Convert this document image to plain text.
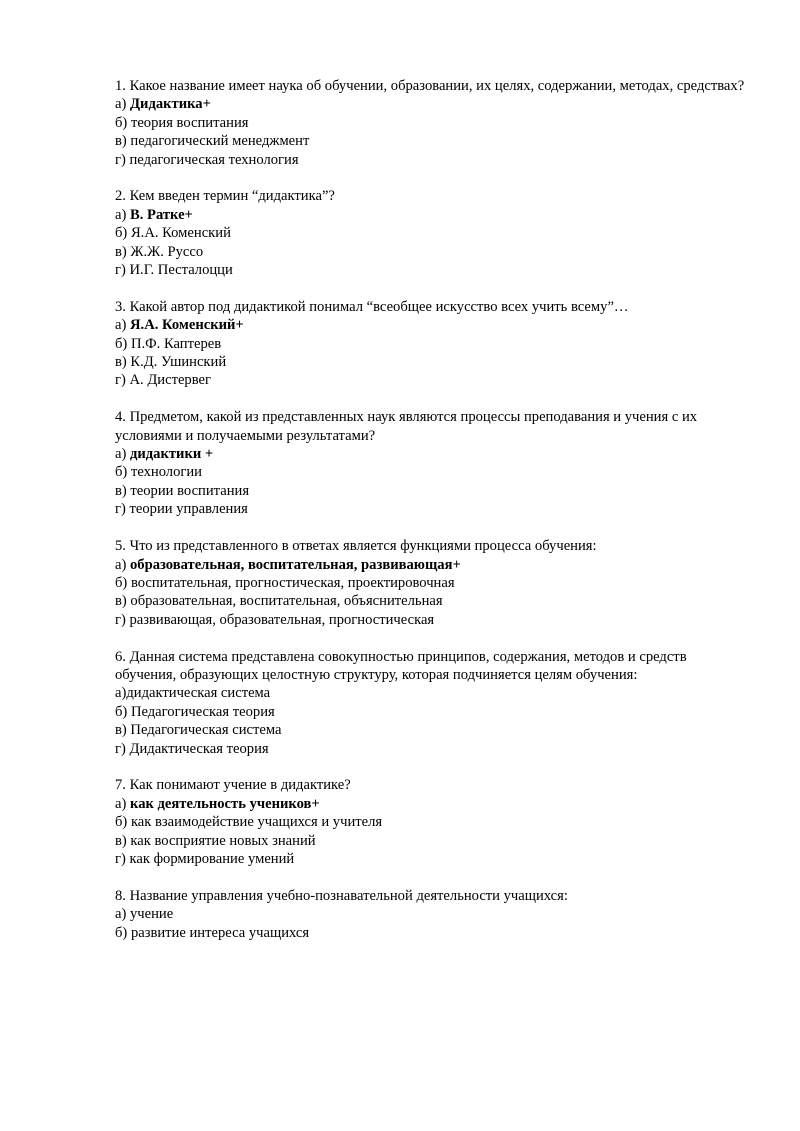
1. Какое название имеет наука об обучении, образовании, их целях, содержании, методах, средствах?
а) Дидактика+
б) теория воспитания
в) педагогический менеджмент
г) педагогическая технология
2. Кем введен термин “дидактика”?
а) В. Ратке+
б) Я.А. Коменский
в) Ж.Ж. Руссо
г) И.Г. Песталоцци
3. Какой автор под дидактикой понимал “всеобщее искусство всех учить всему”…
а) Я.А. Коменский+
б) П.Ф. Каптерев
в) К.Д. Ушинский
г) А. Дистервег
4. Предметом, какой из представленных наук являются процессы преподавания и учения с их условиями и получаемыми результатами?
а) дидактики +
б) технологии
в) теории воспитания
г) теории управления
5. Что из представленного в ответах является функциями процесса обучения:
а) образовательная, воспитательная, развивающая+
б) воспитательная, прогностическая, проектировочная
в) образовательная, воспитательная, объяснительная
г) развивающая, образовательная, прогностическая
6. Данная система представлена совокупностью принципов, содержания, методов и средств обучения, образующих целостную структуру, которая подчиняется целям обучения:
а)дидактическая система
б) Педагогическая теория
в) Педагогическая система
г) Дидактическая теория
7. Как понимают учение в дидактике?
а) как деятельность учеников+
б) как взаимодействие учащихся и учителя
в) как восприятие новых знаний
г) как формирование умений
8. Название управления учебно-познавательной деятельности учащихся:
а) учение
б) развитие интереса учащихся
